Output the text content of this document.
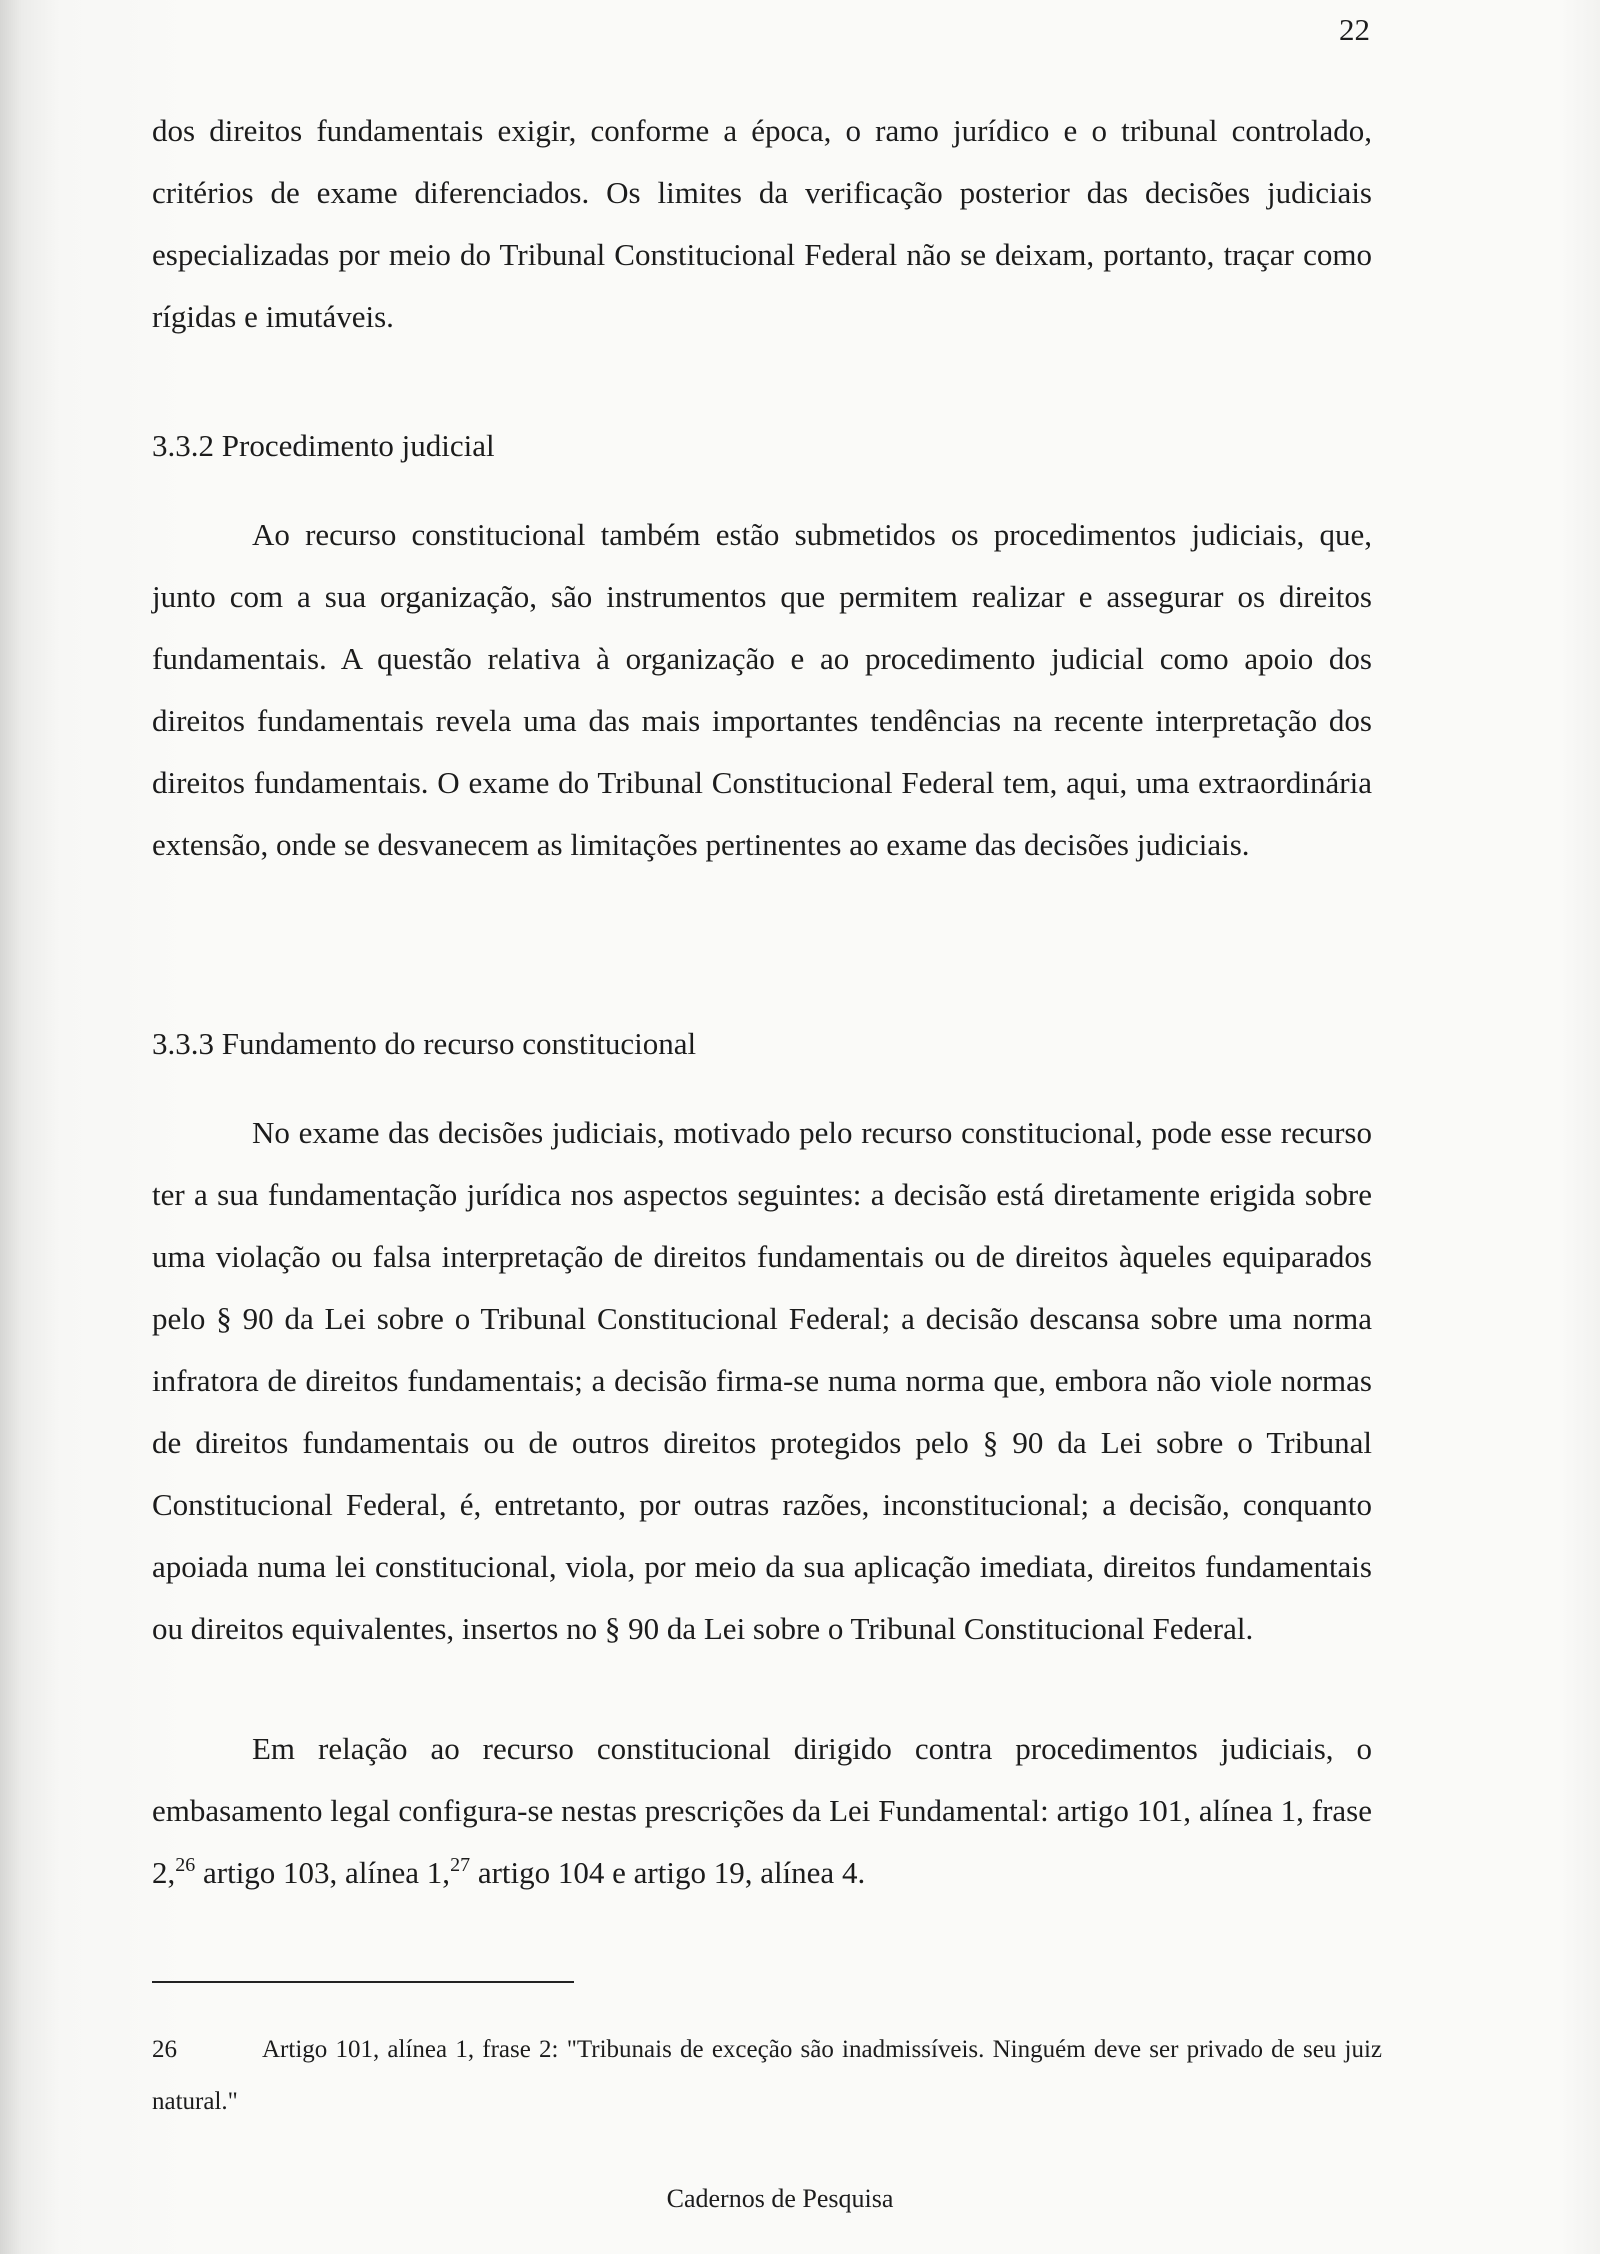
22

dos direitos fundamentais exigir, conforme a época, o ramo jurídico e o tribunal controlado, critérios de exame diferenciados. Os limites da verificação posterior das decisões judiciais especializadas por meio do Tribunal Constitucional Federal não se deixam, portanto, traçar como rígidas e imutáveis.

3.3.2 Procedimento judicial

Ao recurso constitucional também estão submetidos os procedimentos judiciais, que, junto com a sua organização, são instrumentos que permitem realizar e assegurar os direitos fundamentais. A questão relativa à organização e ao procedimento judicial como apoio dos direitos fundamentais revela uma das mais importantes tendências na recente interpretação dos direitos fundamentais. O exame do Tribunal Constitucional Federal tem, aqui, uma extraordinária extensão, onde se desvanecem as limitações pertinentes ao exame das decisões judiciais.

3.3.3 Fundamento do recurso constitucional

No exame das decisões judiciais, motivado pelo recurso constitucional, pode esse recurso ter a sua fundamentação jurídica nos aspectos seguintes: a decisão está diretamente erigida sobre uma violação ou falsa interpretação de direitos fundamentais ou de direitos àqueles equiparados pelo § 90 da Lei sobre o Tribunal Constitucional Federal; a decisão descansa sobre uma norma infratora de direitos fundamentais; a decisão firma-se numa norma que, embora não viole normas de direitos fundamentais ou de outros direitos protegidos pelo § 90 da Lei sobre o Tribunal Constitucional Federal, é, entretanto, por outras razões, inconstitucional; a decisão, conquanto apoiada numa lei constitucional, viola, por meio da sua aplicação imediata, direitos fundamentais ou direitos equivalentes, insertos no § 90 da Lei sobre o Tribunal Constitucional Federal.

Em relação ao recurso constitucional dirigido contra procedimentos judiciais, o embasamento legal configura-se nestas prescrições da Lei Fundamental: artigo 101, alínea 1, frase 2,26 artigo 103, alínea 1,27 artigo 104 e artigo 19, alínea 4.

26	Artigo 101, alínea 1, frase 2: "Tribunais de exceção são inadmissíveis. Ninguém deve ser privado de seu juiz natural."

Cadernos de Pesquisa
